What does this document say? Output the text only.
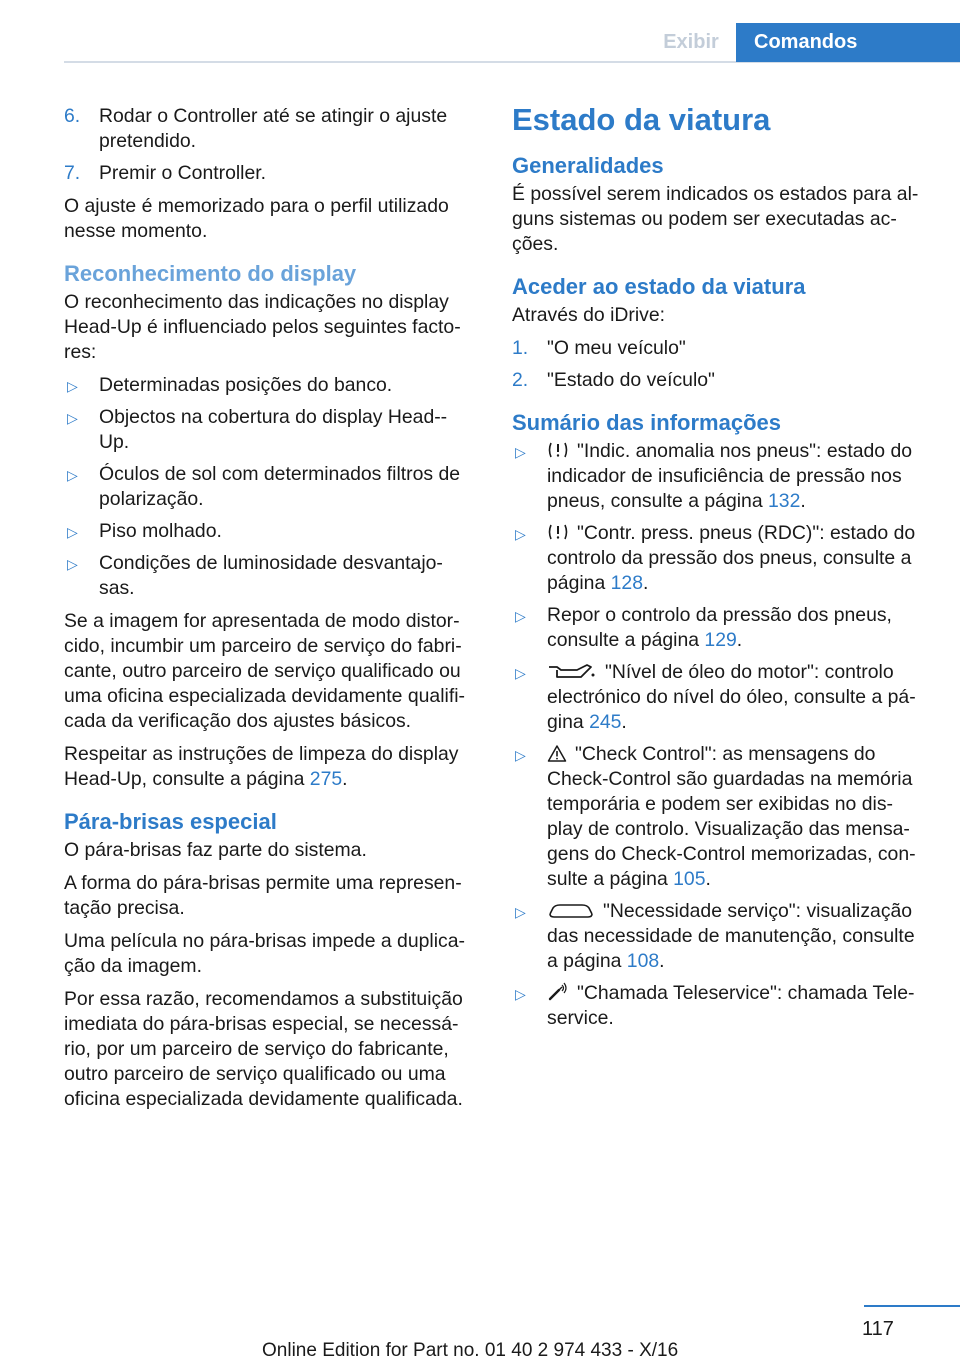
Exibir	Comandos
6. Rodar o Controller até se atingir o ajuste pretendido.
7. Premir o Controller.

O ajuste é memorizado para o perfil utilizado nesse momento.

Reconhecimento do display

O reconhecimento das indicações no display Head-Up é influenciado pelos seguintes facto‐res:

▷ Determinadas posições do banco.
▷ Objectos na cobertura do display Head-‐Up.
▷ Óculos de sol com determinados filtros de polarização.
▷ Piso molhado.
▷ Condições de luminosidade desvantajo‐sas.

Se a imagem for apresentada de modo distor‐cido, incumbir um parceiro de serviço do fabri‐cante, outro parceiro de serviço qualificado ou uma oficina especializada devidamente qualifi‐cada da verificação dos ajustes básicos.

Respeitar as instruções de limpeza do display Head-Up, consulte a página 275.

Pára-brisas especial

O pára-brisas faz parte do sistema.

A forma do pára-brisas permite uma represen‐tação precisa.

Uma película no pára-brisas impede a duplica‐ção da imagem.

Por essa razão, recomendamos a substituição imediata do pára-brisas especial, se necessá‐rio, por um parceiro de serviço do fabricante, outro parceiro de serviço qualificado ou uma oficina especializada devidamente qualificada.

Estado da viatura
Generalidades

É possível serem indicados os estados para al‐guns sistemas ou podem ser executadas ac‐ções.

Aceder ao estado da viatura

Através do iDrive:

1. "O meu veículo"
2. "Estado do veículo"
Sumário das informações
▷	"Indic. anomalia nos pneus": estado do indicador de insuficiência de pressão nos pneus, consulte a página 132.
▷	"Contr. press. pneus (RDC)": estado do controlo da pressão dos pneus, consulte a página 128.
▷ Repor o controlo da pressão dos pneus, consulte a página 129.
▷	"Nível de óleo do motor": controlo electrónico do nível do óleo, consulte a pá‐gina 245.
▷	"Check Control": as mensagens do Check-Control são guardadas na memória temporária e podem ser exibidas no dis‐play de controlo. Visualização das mensa‐gens do Check-Control memorizadas, con‐sulte a página 105.
▷	"Necessidade serviço": visualização das necessidade de manutenção, consulte a página 108.
▷	"Chamada Teleservice": chamada Tele‐service.
117
Online Edition for Part no. 01 40 2 974 433 - X/16
